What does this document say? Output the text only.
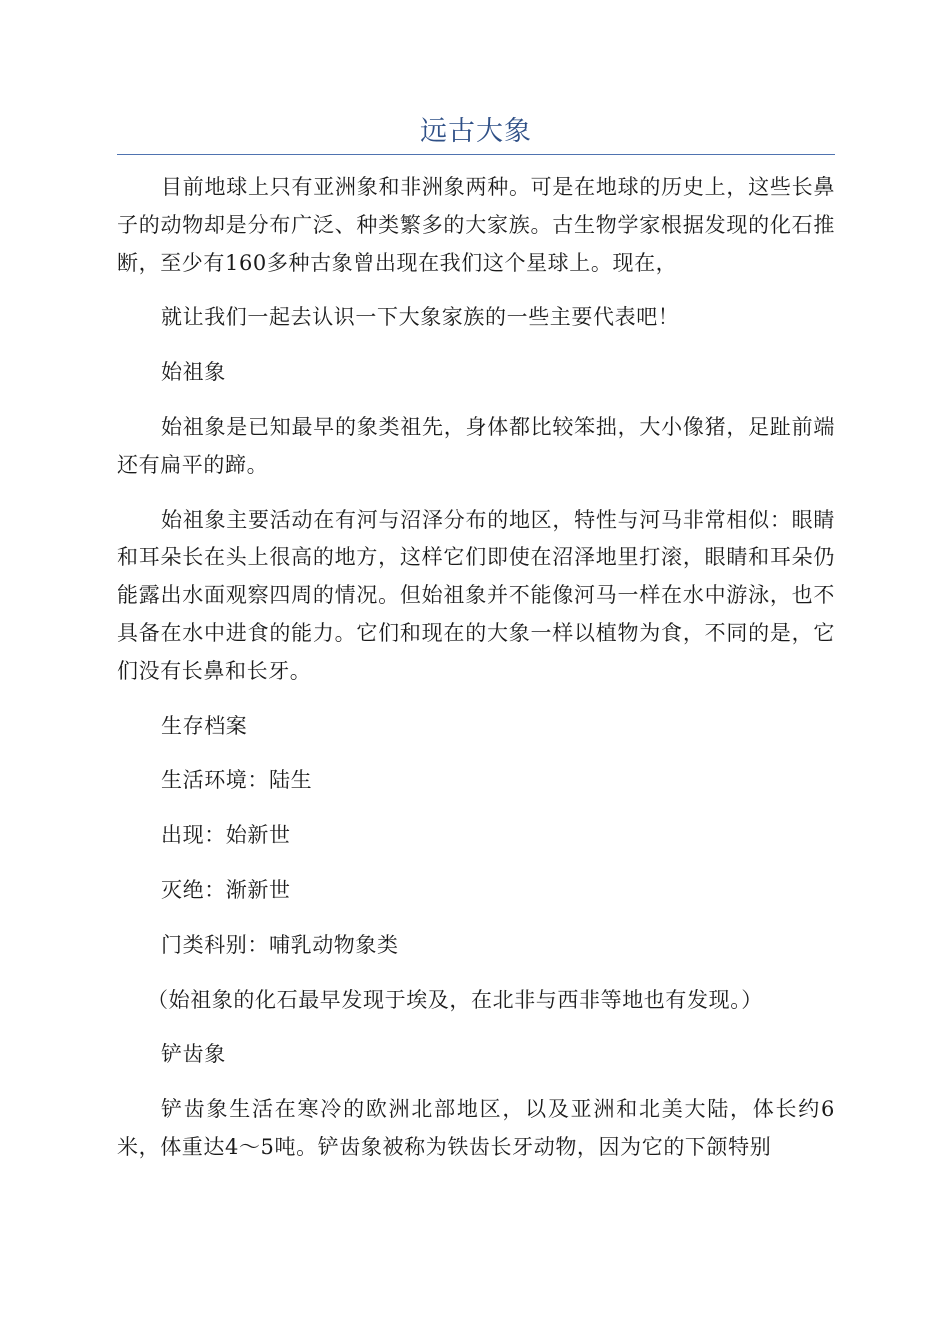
远古大象

目前地球上只有亚洲象和非洲象两种。可是在地球的历史上，这些长鼻子的动物却是分布广泛、种类繁多的大家族。古生物学家根据发现的化石推断，至少有160多种古象曾出现在我们这个星球上。现在，

就让我们一起去认识一下大象家族的一些主要代表吧！

始祖象

始祖象是已知最早的象类祖先，身体都比较笨拙，大小像猪，足趾前端还有扁平的蹄。

始祖象主要活动在有河与沼泽分布的地区，特性与河马非常相似：眼睛和耳朵长在头上很高的地方，这样它们即使在沼泽地里打滚，眼睛和耳朵仍能露出水面观察四周的情况。但始祖象并不能像河马一样在水中游泳，也不具备在水中进食的能力。它们和现在的大象一样以植物为食，不同的是，它们没有长鼻和长牙。

生存档案

生活环境：陆生

出现：始新世

灭绝：渐新世

门类科别：哺乳动物象类

（始祖象的化石最早发现于埃及，在北非与西非等地也有发现。）

铲齿象

铲齿象生活在寒冷的欧洲北部地区，以及亚洲和北美大陆，体长约6米，体重达4～5吨。铲齿象被称为铁齿长牙动物，因为它的下颌特别
